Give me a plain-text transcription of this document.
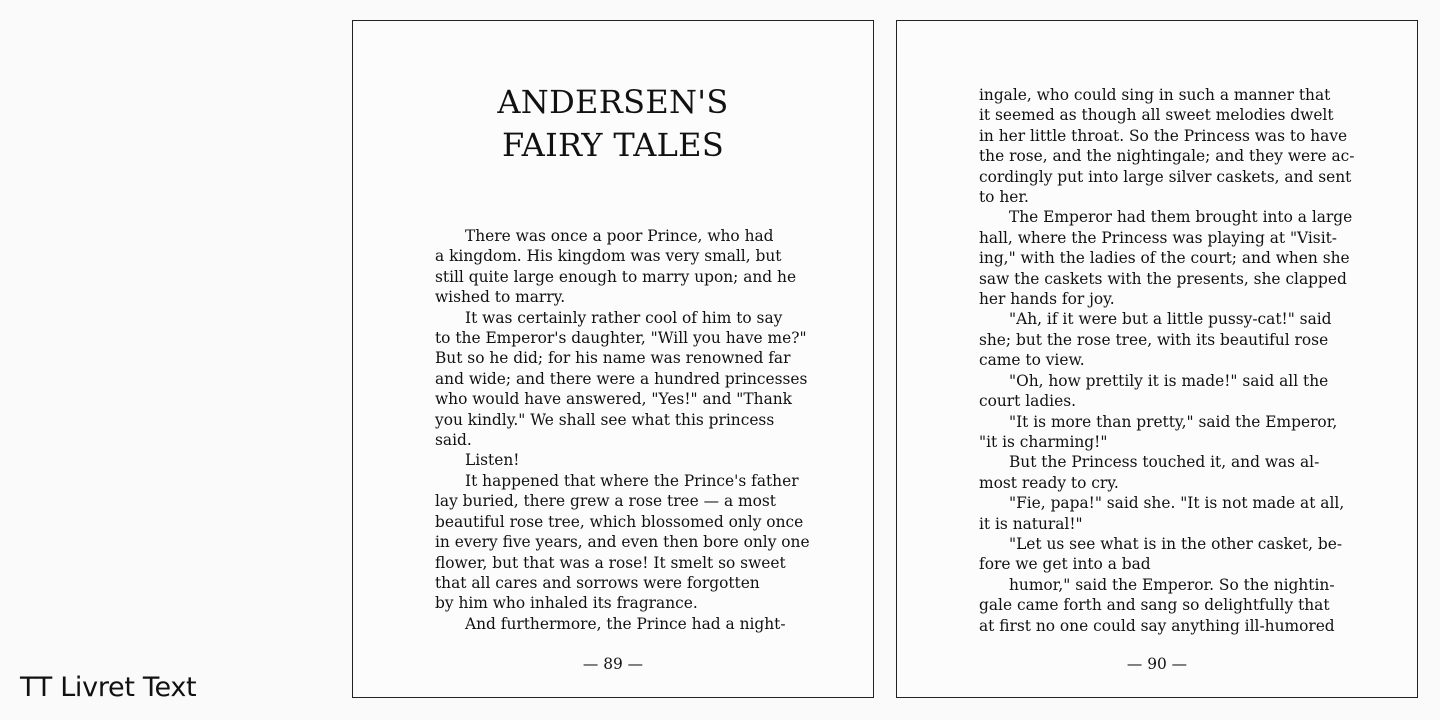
TT Livret Text
ANDERSEN'S
FAIRY TALES
There was once a poor Prince, who had
a kingdom. His kingdom was very small, but
still quite large enough to marry upon; and he
wished to marry.
It was certainly rather cool of him to say
to the Emperor's daughter, "Will you have me?"
But so he did; for his name was renowned far
and wide; and there were a hundred princesses
who would have answered, "Yes!" and "Thank
you kindly." We shall see what this princess
said.
Listen!
It happened that where the Prince's father
lay buried, there grew a rose tree — a most
beautiful rose tree, which blossomed only once
in every five years, and even then bore only one
flower, but that was a rose! It smelt so sweet
that all cares and sorrows were forgotten
by him who inhaled its fragrance.
And furthermore, the Prince had a night-
— 89 —
ingale, who could sing in such a manner that
it seemed as though all sweet melodies dwelt
in her little throat. So the Princess was to have
the rose, and the nightingale; and they were ac-
cordingly put into large silver caskets, and sent
to her.
The Emperor had them brought into a large
hall, where the Princess was playing at "Visit-
ing," with the ladies of the court; and when she
saw the caskets with the presents, she clapped
her hands for joy.
"Ah, if it were but a little pussy-cat!" said
she; but the rose tree, with its beautiful rose
came to view.
"Oh, how prettily it is made!" said all the
court ladies.
"It is more than pretty," said the Emperor,
"it is charming!"
But the Princess touched it, and was al-
most ready to cry.
"Fie, papa!" said she. "It is not made at all,
it is natural!"
"Let us see what is in the other casket, be-
fore we get into a bad
humor," said the Emperor. So the nightin-
gale came forth and sang so delightfully that
at first no one could say anything ill-humored
— 90 —
